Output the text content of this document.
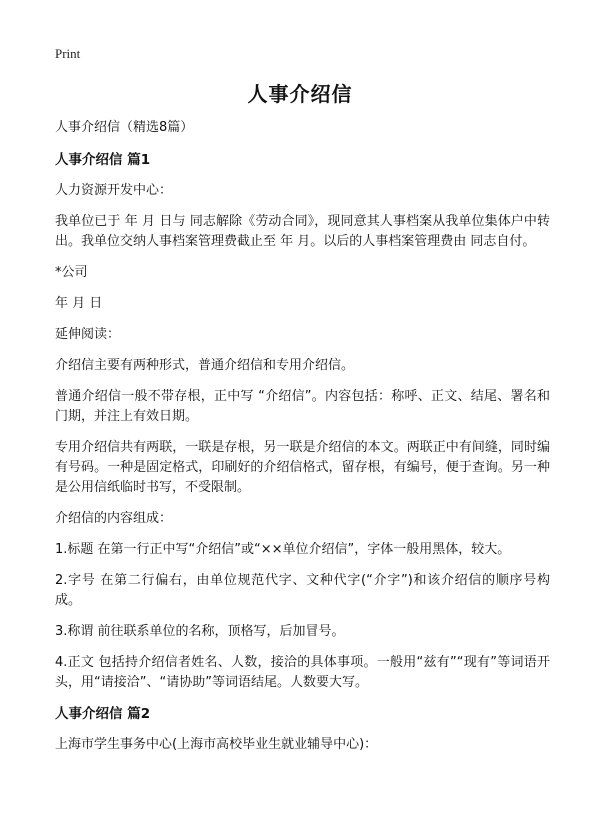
Print
人事介绍信

人事介绍信（精选8篇）

人事介绍信 篇1

人力资源开发中心：

我单位已于 年 月 日与 同志解除《劳动合同》，现同意其人事档案从我单位集体户中转出。我单位交纳人事档案管理费截止至 年 月。以后的人事档案管理费由 同志自付。

*公司

年 月 日

延伸阅读：

介绍信主要有两种形式，普通介绍信和专用介绍信。

普通介绍信一般不带存根，正中写 “介绍信”。内容包括：称呼、正文、结尾、署名和门期，并注上有效日期。

专用介绍信共有两联，一联是存根，另一联是介绍信的本文。两联正中有间缝，同时编有号码。一种是固定格式，印刷好的介绍信格式，留存根，有编号，便于查询。另一种是公用信纸临时书写，不受限制。

介绍信的内容组成：

1.标题 在第一行正中写“介绍信”或“××单位介绍信”，字体一般用黑体，较大。

2.字号 在第二行偏右，由单位规范代字、文种代字(“介字”)和该介绍信的顺序号构成。

3.称谓 前往联系单位的名称，顶格写，后加冒号。

4.正文 包括持介绍信者姓名、人数，接洽的具体事项。一般用“兹有”“现有”等词语开头，用“请接洽”、“请协助”等词语结尾。人数要大写。

人事介绍信 篇2

上海市学生事务中心(上海市高校毕业生就业辅导中心)：
